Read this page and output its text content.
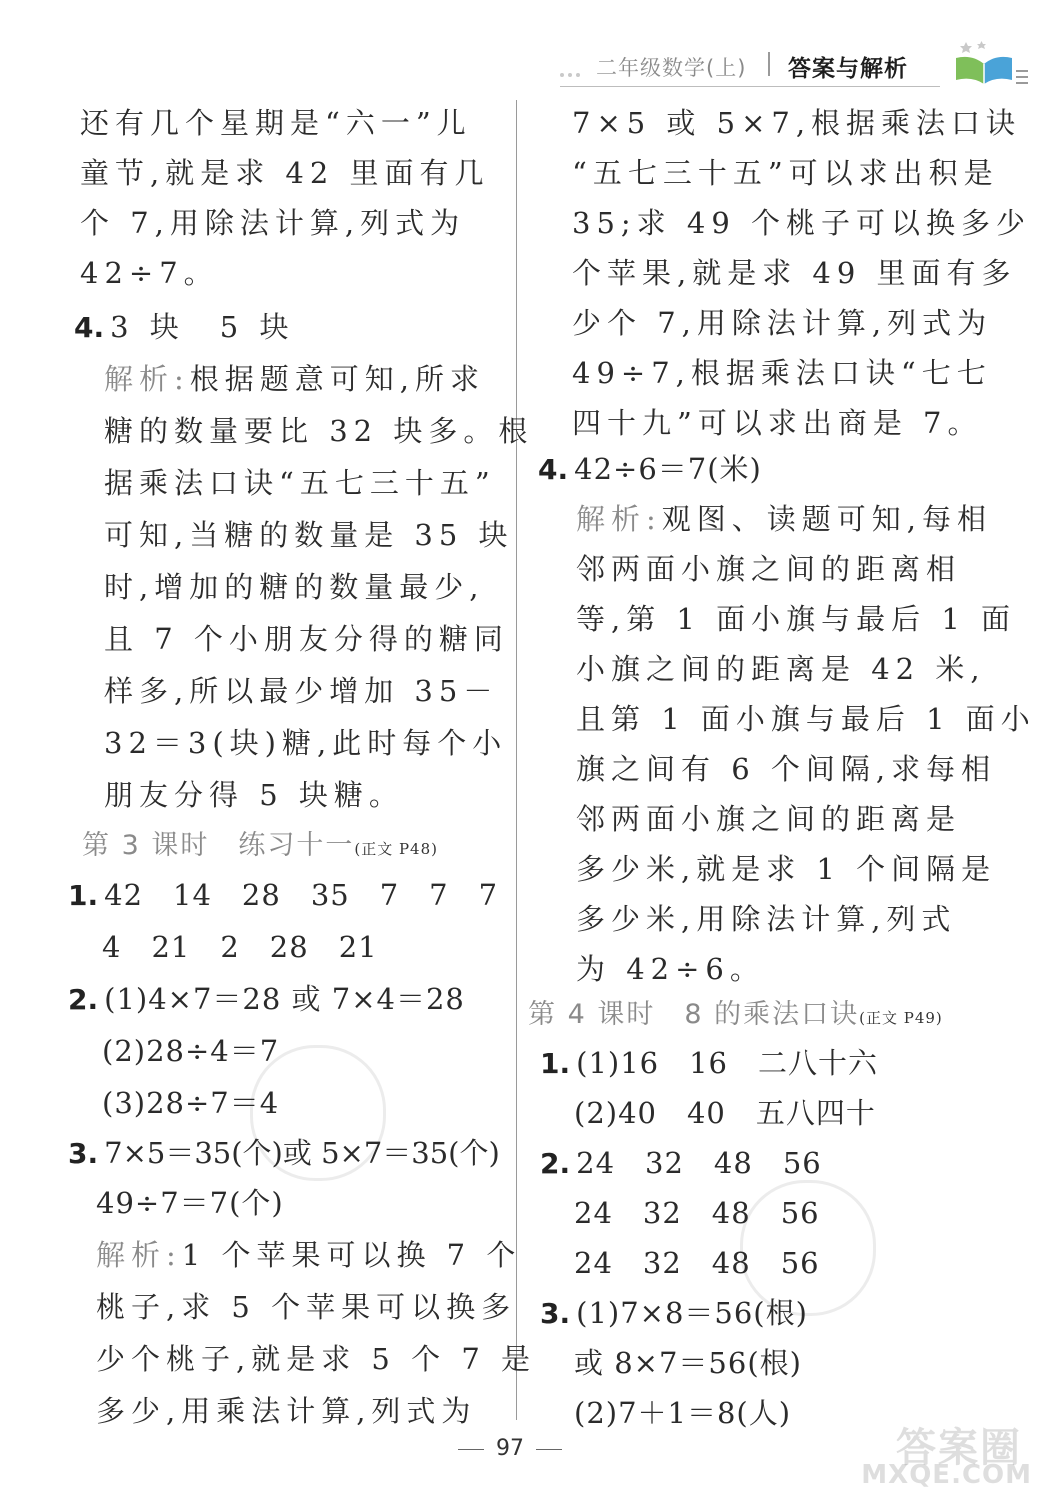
二年级数学(上) 答案与解析
还有几个星期是“六一”儿
童节,就是求 42 里面有几
个 7,用除法计算,列式为
42÷7。
4. 3 块　5 块
解析:根据题意可知,所求
糖的数量要比 32 块多。根
据乘法口诀“五七三十五”
可知,当糖的数量是 35 块
时,增加的糖的数量最少,
且 7 个小朋友分得的糖同
样多,所以最少增加 35－
32＝3(块)糖,此时每个小
朋友分得 5 块糖。
第 3 课时　练习十一(正文 P48)
1. 42　14　28　35　7　7　7
4　21　2　28　21
2. (1)4×7＝28 或 7×4＝28
(2)28÷4＝7
(3)28÷7＝4
3. 7×5＝35(个)或 5×7＝35(个)
49÷7＝7(个)
解析:1 个苹果可以换 7 个
桃子,求 5 个苹果可以换多
少个桃子,就是求 5 个 7 是
多少,用乘法计算,列式为
7×5 或 5×7,根据乘法口诀
“五七三十五”可以求出积是
35;求 49 个桃子可以换多少
个苹果,就是求 49 里面有多
少个 7,用除法计算,列式为
49÷7,根据乘法口诀“七七
四十九”可以求出商是 7。
4. 42÷6＝7(米)
解析:观图、读题可知,每相
邻两面小旗之间的距离相
等,第 1 面小旗与最后 1 面
小旗之间的距离是 42 米,
且第 1 面小旗与最后 1 面小
旗之间有 6 个间隔,求每相
邻两面小旗之间的距离是
多少米,就是求 1 个间隔是
多少米,用除法计算,列式
为 42÷6。
第 4 课时　8 的乘法口诀(正文 P49)
1. (1)16　16　二八十六
(2)40　40　五八四十
2. 24　32　48　56
24　32　48　56
24　32　48　56
3. (1)7×8＝56(根)
或 8×7＝56(根)
(2)7＋1＝8(人)
97	答案圈
MXQE.COM
